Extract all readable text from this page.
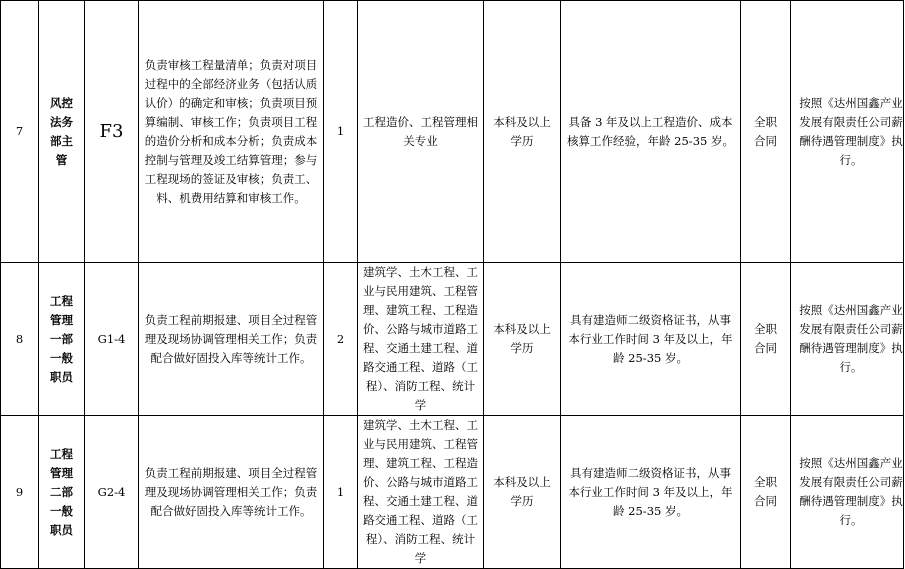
7	风控法务部主管	F3	负责审核工程量清单；负责对项目过程中的全部经济业务（包括认质认价）的确定和审核；负责项目预算编制、审核工作；负责项目工程的造价分析和成本分析；负责成本控制与管理及竣工结算管理；参与工程现场的签证及审核；负责工、料、机费用结算和审核工作。	1	工程造价、工程管理相关专业	本科及以上学历	具备 3 年及以上工程造价、成本核算工作经验，年龄 25-35 岁。	全职合同	按照《达州国鑫产业发展有限责任公司薪酬待遇管理制度》执行。
8	工程管理一部一般职员	G1-4	负责工程前期报建、项目全过程管理及现场协调管理相关工作；负责配合做好固投入库等统计工作。	2	建筑学、土木工程、工业与民用建筑、工程管理、建筑工程、工程造价、公路与城市道路工程、交通土建工程、道路交通工程、道路（工程）、消防工程、统计学	本科及以上学历	具有建造师二级资格证书，从事本行业工作时间 3 年及以上，年龄 25-35 岁。	全职合同	按照《达州国鑫产业发展有限责任公司薪酬待遇管理制度》执行。
9	工程管理二部一般职员	G2-4	负责工程前期报建、项目全过程管理及现场协调管理相关工作；负责配合做好固投入库等统计工作。	1	建筑学、土木工程、工业与民用建筑、工程管理、建筑工程、工程造价、公路与城市道路工程、交通土建工程、道路交通工程、道路（工程）、消防工程、统计学	本科及以上学历	具有建造师二级资格证书，从事本行业工作时间 3 年及以上，年龄 25-35 岁。	全职合同	按照《达州国鑫产业发展有限责任公司薪酬待遇管理制度》执行。
